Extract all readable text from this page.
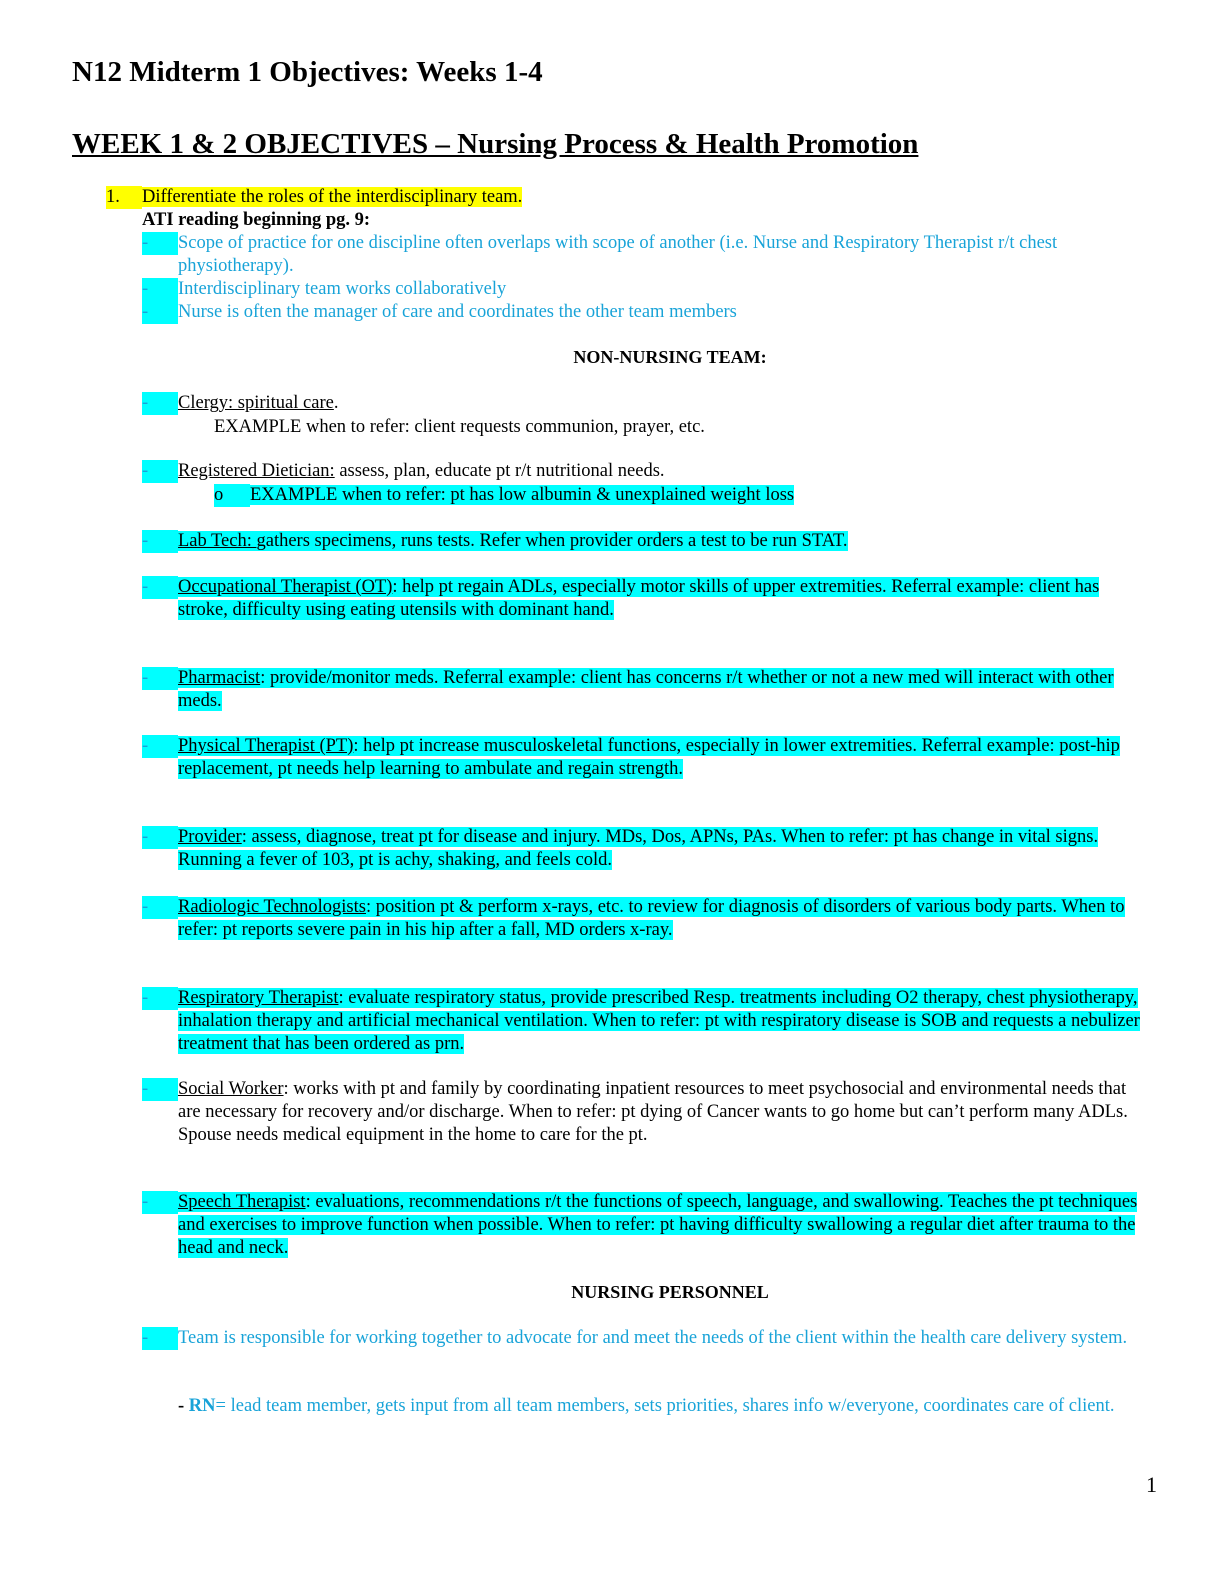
N12 Midterm 1 Objectives: Weeks 1-4
WEEK 1 & 2 OBJECTIVES – Nursing Process & Health Promotion
1. Differentiate the roles of the interdisciplinary team.
ATI reading beginning pg. 9:
-	Scope of practice for one discipline often overlaps with scope of another (i.e. Nurse and Respiratory Therapist r/t chest physiotherapy).
-	Interdisciplinary team works collaboratively
-	Nurse is often the manager of care and coordinates the other team members
NON-NURSING TEAM:
-	Clergy: spiritual care.
EXAMPLE when to refer: client requests communion, prayer, etc.
-	Registered Dietician: assess, plan, educate pt r/t nutritional needs.
o EXAMPLE when to refer: pt has low albumin & unexplained weight loss
-	Lab Tech: gathers specimens, runs tests. Refer when provider orders a test to be run STAT.
-	Occupational Therapist (OT): help pt regain ADLs, especially motor skills of upper extremities. Referral example: client has stroke, difficulty using eating utensils with dominant hand.
-	Pharmacist: provide/monitor meds. Referral example: client has concerns r/t whether or not a new med will interact with other meds.
-	Physical Therapist (PT): help pt increase musculoskeletal functions, especially in lower extremities. Referral example: post-hip replacement, pt needs help learning to ambulate and regain strength.
-	Provider: assess, diagnose, treat pt for disease and injury. MDs, Dos, APNs, PAs. When to refer: pt has change in vital signs. Running a fever of 103, pt is achy, shaking, and feels cold.
-	Radiologic Technologists: position pt & perform x-rays, etc. to review for diagnosis of disorders of various body parts. When to refer: pt reports severe pain in his hip after a fall, MD orders x-ray.
-	Respiratory Therapist: evaluate respiratory status, provide prescribed Resp. treatments including O2 therapy, chest physiotherapy, inhalation therapy and artificial mechanical ventilation. When to refer: pt with respiratory disease is SOB and requests a nebulizer treatment that has been ordered as prn.
-	Social Worker: works with pt and family by coordinating inpatient resources to meet psychosocial and environmental needs that are necessary for recovery and/or discharge. When to refer: pt dying of Cancer wants to go home but can’t perform many ADLs. Spouse needs medical equipment in the home to care for the pt.
-	Speech Therapist: evaluations, recommendations r/t the functions of speech, language, and swallowing. Teaches the pt techniques and exercises to improve function when possible. When to refer: pt having difficulty swallowing a regular diet after trauma to the head and neck.
NURSING PERSONNEL
-	Team is responsible for working together to advocate for and meet the needs of the client within the health care delivery system.
- RN= lead team member, gets input from all team members, sets priorities, shares info w/everyone, coordinates care of client.
1
